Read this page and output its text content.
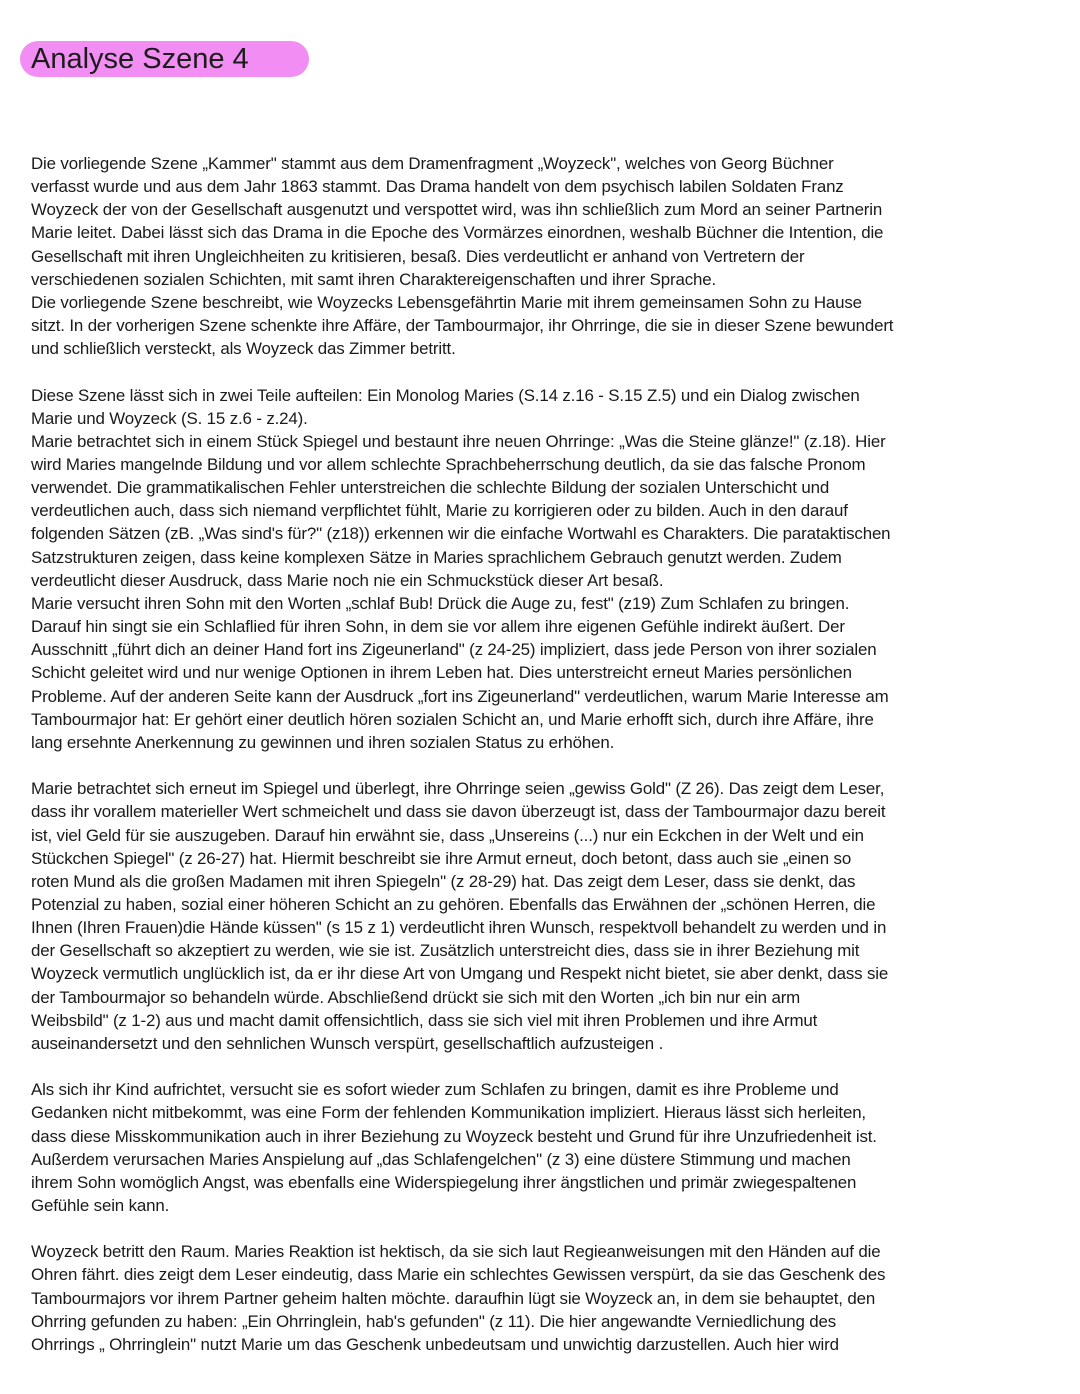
Analyse Szene 4
Die vorliegende Szene „Kammer" stammt aus dem Dramenfragment „Woyzeck", welches von Georg Büchner
verfasst wurde und aus dem Jahr 1863 stammt. Das Drama handelt von dem psychisch labilen Soldaten Franz
Woyzeck der von der Gesellschaft ausgenutzt und verspottet wird, was ihn schließlich zum Mord an seiner Partnerin
Marie leitet. Dabei lässt sich das Drama in die Epoche des Vormärzes einordnen, weshalb Büchner die Intention, die
Gesellschaft mit ihren Ungleichheiten zu kritisieren, besaß. Dies verdeutlicht er anhand von Vertretern der
verschiedenen sozialen Schichten, mit samt ihren Charaktereigenschaften und ihrer Sprache.
Die vorliegende Szene beschreibt, wie Woyzecks Lebensgefährtin Marie mit ihrem gemeinsamen Sohn zu Hause
sitzt. In der vorherigen Szene schenkte ihre Affäre, der Tambourmajor, ihr Ohrringe, die sie in dieser Szene bewundert
und schließlich versteckt, als Woyzeck das Zimmer betritt.
Diese Szene lässt sich in zwei Teile aufteilen: Ein Monolog Maries (S.14 z.16 - S.15 Z.5) und ein Dialog zwischen
Marie und Woyzeck (S. 15 z.6 - z.24).
Marie betrachtet sich in einem Stück Spiegel und bestaunt ihre neuen Ohrringe: „Was die Steine glänze!" (z.18). Hier
wird Maries mangelnde Bildung und vor allem schlechte Sprachbeherrschung deutlich, da sie das falsche Pronom
verwendet. Die grammatikalischen Fehler unterstreichen die schlechte Bildung der sozialen Unterschicht und
verdeutlichen auch, dass sich niemand verpflichtet fühlt, Marie zu korrigieren oder zu bilden. Auch in den darauf
folgenden Sätzen (zB. „Was sind's für?" (z18)) erkennen wir die einfache Wortwahl es Charakters. Die parataktischen
Satzstrukturen zeigen, dass keine komplexen Sätze in Maries sprachlichem Gebrauch genutzt werden. Zudem
verdeutlicht dieser Ausdruck, dass Marie noch nie ein Schmuckstück dieser Art besaß.
Marie versucht ihren Sohn mit den Worten „schlaf Bub! Drück die Auge zu, fest" (z19) Zum Schlafen zu bringen.
Darauf hin singt sie ein Schlaflied für ihren Sohn, in dem sie vor allem ihre eigenen Gefühle indirekt äußert. Der
Ausschnitt „führt dich an deiner Hand fort ins Zigeunerland" (z 24-25) impliziert, dass jede Person von ihrer sozialen
Schicht geleitet wird und nur wenige Optionen in ihrem Leben hat. Dies unterstreicht erneut Maries persönlichen
Probleme. Auf der anderen Seite kann der Ausdruck „fort ins Zigeunerland" verdeutlichen, warum Marie Interesse am
Tambourmajor hat: Er gehört einer deutlich hören sozialen Schicht an, und Marie erhofft sich, durch ihre Affäre, ihre
lang ersehnte Anerkennung zu gewinnen und ihren sozialen Status zu erhöhen.
Marie betrachtet sich erneut im Spiegel und überlegt, ihre Ohrringe seien „gewiss Gold" (Z 26). Das zeigt dem Leser,
dass ihr vorallem materieller Wert schmeichelt und dass sie davon überzeugt ist, dass der Tambourmajor dazu bereit
ist, viel Geld für sie auszugeben. Darauf hin erwähnt sie, dass „Unsereins (...) nur ein Eckchen in der Welt und ein
Stückchen Spiegel" (z 26-27) hat. Hiermit beschreibt sie ihre Armut erneut, doch betont, dass auch sie „einen so
roten Mund als die großen Madamen mit ihren Spiegeln" (z 28-29) hat. Das zeigt dem Leser, dass sie denkt, das
Potenzial zu haben, sozial einer höheren Schicht an zu gehören. Ebenfalls das Erwähnen der „schönen Herren, die
Ihnen (Ihren Frauen)die Hände küssen" (s 15 z 1) verdeutlicht ihren Wunsch, respektvoll behandelt zu werden und in
der Gesellschaft so akzeptiert zu werden, wie sie ist. Zusätzlich unterstreicht dies, dass sie in ihrer Beziehung mit
Woyzeck vermutlich unglücklich ist, da er ihr diese Art von Umgang und Respekt nicht bietet, sie aber denkt, dass sie
der Tambourmajor so behandeln würde. Abschließend drückt sie sich mit den Worten „ich bin nur ein arm
Weibsbild" (z 1-2) aus und macht damit offensichtlich, dass sie sich viel mit ihren Problemen und ihre Armut
auseinandersetzt und den sehnlichen Wunsch verspürt, gesellschaftlich aufzusteigen .
Als sich ihr Kind aufrichtet, versucht sie es sofort wieder zum Schlafen zu bringen, damit es ihre Probleme und
Gedanken nicht mitbekommt, was eine Form der fehlenden Kommunikation impliziert. Hieraus lässt sich herleiten,
dass diese Misskommunikation auch in ihrer Beziehung zu Woyzeck besteht und Grund für ihre Unzufriedenheit ist.
Außerdem verursachen Maries Anspielung auf „das Schlafengelchen" (z 3) eine düstere Stimmung und machen
ihrem Sohn womöglich Angst, was ebenfalls eine Widerspiegelung ihrer ängstlichen und primär zwiegespaltenen
Gefühle sein kann.
Woyzeck betritt den Raum. Maries Reaktion ist hektisch, da sie sich laut Regieanweisungen mit den Händen auf die
Ohren fährt. dies zeigt dem Leser eindeutig, dass Marie ein schlechtes Gewissen verspürt, da sie das Geschenk des
Tambourmajors vor ihrem Partner geheim halten möchte. daraufhin lügt sie Woyzeck an, in dem sie behauptet, den
Ohrring gefunden zu haben: „Ein Ohrringlein, hab's gefunden" (z 11). Die hier angewandte Verniedlichung des
Ohrrings „ Ohrringlein" nutzt Marie um das Geschenk unbedeutsam und unwichtig darzustellen. Auch hier wird
